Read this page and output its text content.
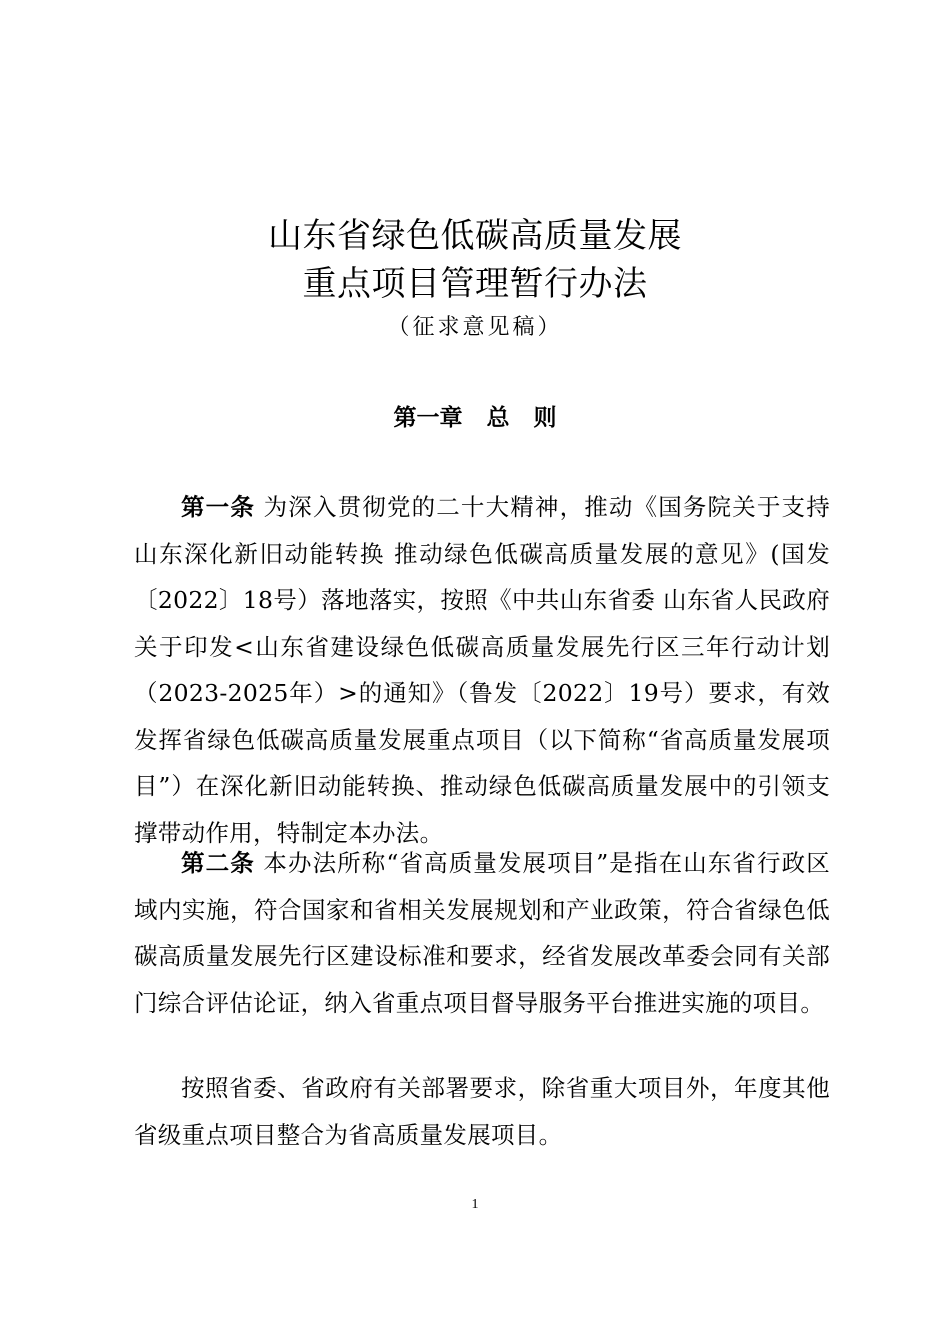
山东省绿色低碳高质量发展
重点项目管理暂行办法
（征求意见稿）
第一章   总   则

第一条 为深入贯彻党的二十大精神，推动《国务院关于支持山东深化新旧动能转换 推动绿色低碳高质量发展的意见》(国发〔2022〕18号）落地落实，按照《中共山东省委 山东省人民政府关于印发<山东省建设绿色低碳高质量发展先行区三年行动计划（2023-2025年）>的通知》（鲁发〔2022〕19号）要求，有效发挥省绿色低碳高质量发展重点项目（以下简称“省高质量发展项目”）在深化新旧动能转换、推动绿色低碳高质量发展中的引领支撑带动作用，特制定本办法。

第二条 本办法所称“省高质量发展项目”是指在山东省行政区域内实施，符合国家和省相关发展规划和产业政策，符合省绿色低碳高质量发展先行区建设标准和要求，经省发展改革委会同有关部门综合评估论证，纳入省重点项目督导服务平台推进实施的项目。

按照省委、省政府有关部署要求，除省重大项目外，年度其他省级重点项目整合为省高质量发展项目。

1
